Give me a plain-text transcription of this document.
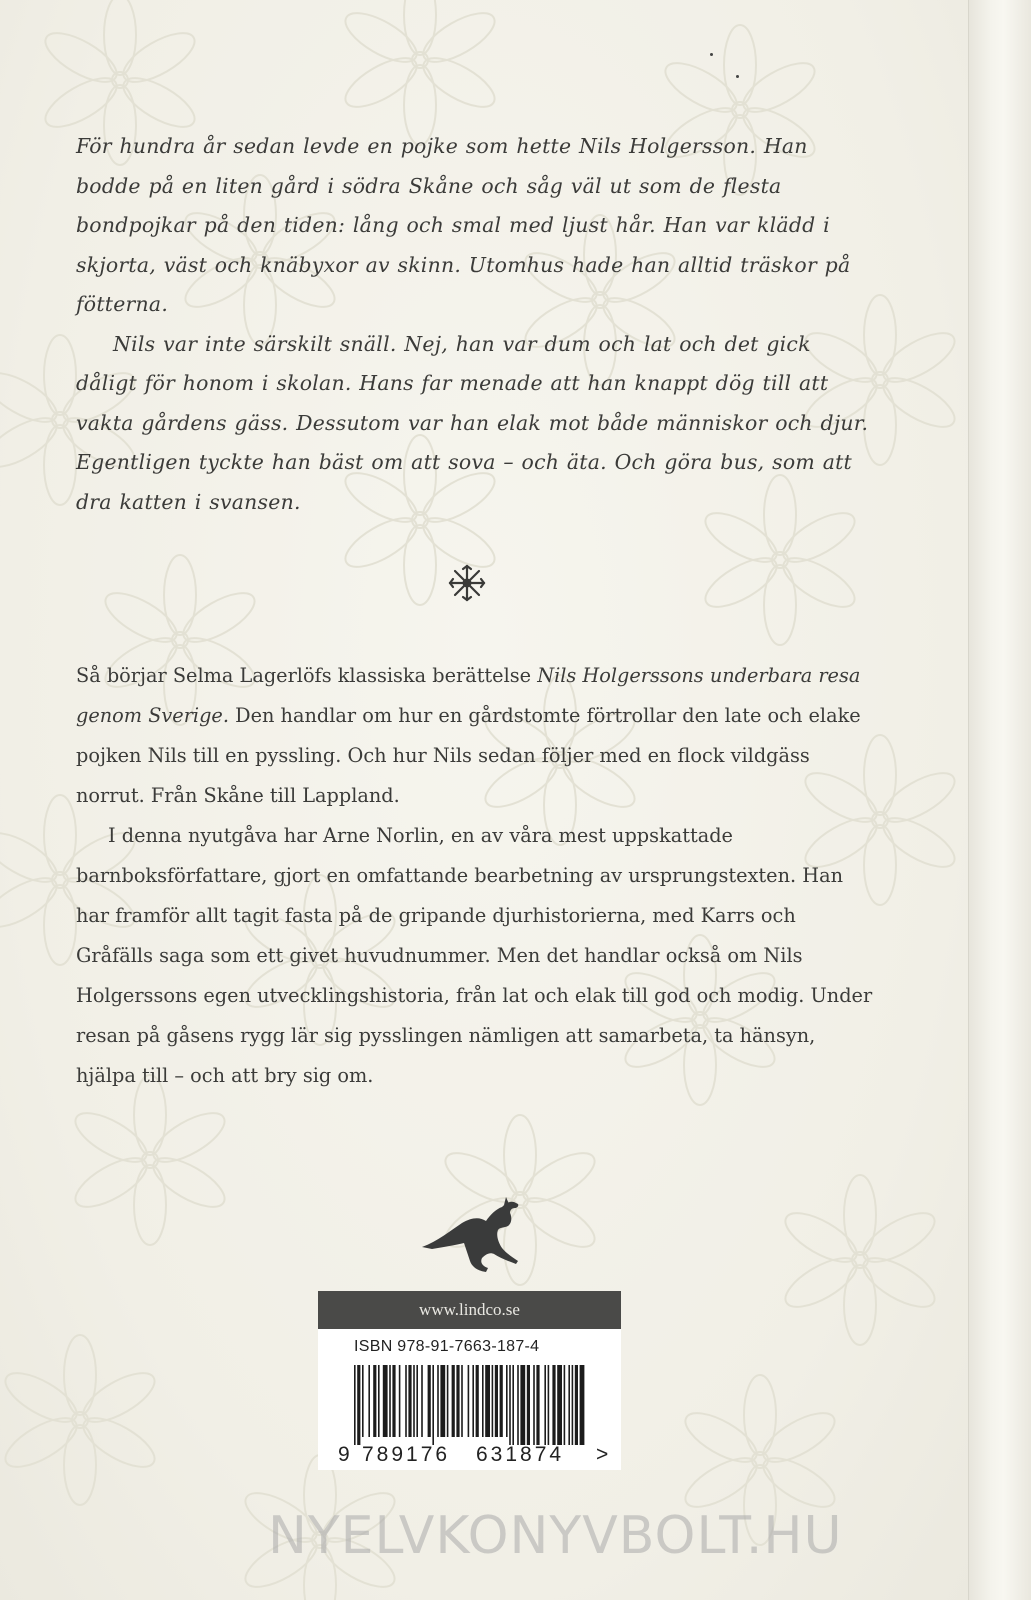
För hundra år sedan levde en pojke som hette Nils Holgersson. Han bodde på en liten gård i södra Skåne och såg väl ut som de flesta bondpojkar på den tiden: lång och smal med ljust hår. Han var klädd i skjorta, väst och knäbyxor av skinn. Utomhus hade han alltid träskor på fötterna.

Nils var inte särskilt snäll. Nej, han var dum och lat och det gick dåligt för honom i skolan. Hans far menade att han knappt dög till att vakta gårdens gäss. Dessutom var han elak mot både människor och djur. Egentligen tyckte han bäst om att sova – och äta. Och göra bus, som att dra katten i svansen.

Så börjar Selma Lagerlöfs klassiska berättelse Nils Holgerssons underbara resa genom Sverige. Den handlar om hur en gårdstomte förtrollar den late och elake pojken Nils till en pyssling. Och hur Nils sedan följer med en flock vildgäss norrut. Från Skåne till Lappland.

I denna nyutgåva har Arne Norlin, en av våra mest uppskattade barnboksförfattare, gjort en omfattande bearbetning av ursprungstexten. Han har framför allt tagit fasta på de gripande djurhistorierna, med Karrs och Gråfälls saga som ett givet huvudnummer. Men det handlar också om Nils Holgerssons egen utvecklingshistoria, från lat och elak till god och modig. Under resan på gåsens rygg lär sig pysslingen nämligen att samarbeta, ta hänsyn, hjälpa till – och att bry sig om.

www.lindco.se
ISBN 978-91-7663-187-4
9 789176 631874 >
NYELVKONYVBOLT.HU
